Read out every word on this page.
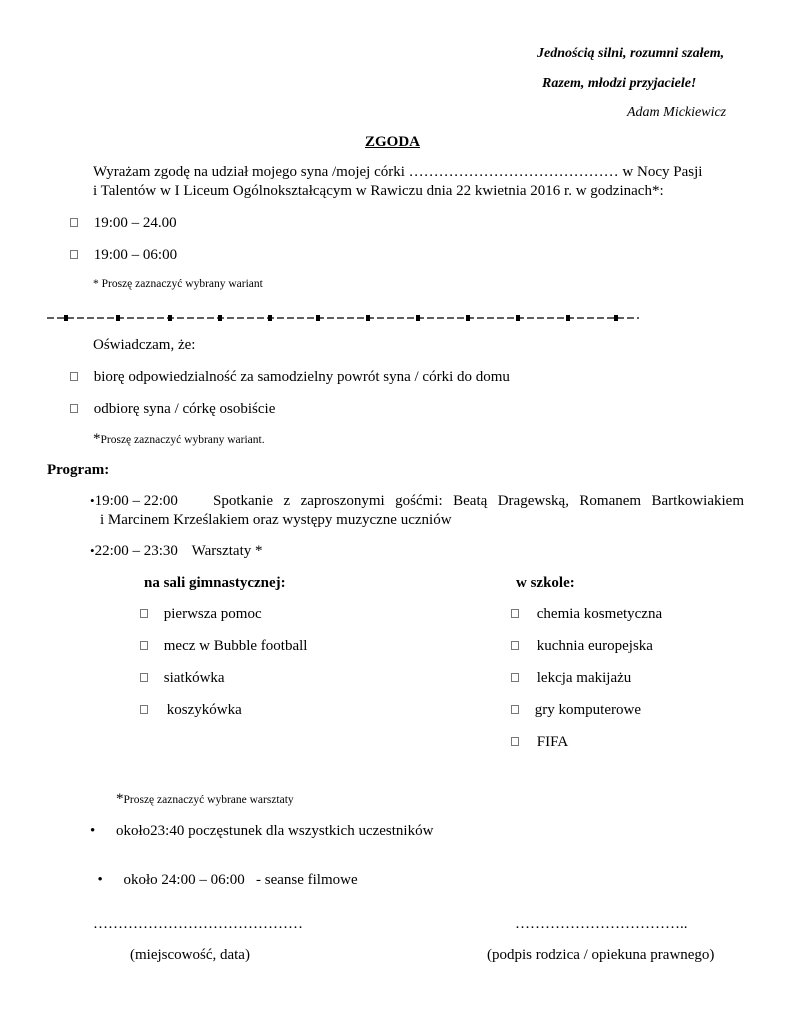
Jednością silni, rozumni szałem,
Razem, młodzi przyjaciele!
Adam Mickiewicz
ZGODA
Wyrażam zgodę na udział mojego syna /mojej córki …………………………………… w Nocy Pasji
i Talentów w I Liceum Ogólnokształcącym w Rawiczu dnia 22 kwietnia 2016 r. w godzinach*:
19:00 – 24.00
19:00 – 06:00
* Proszę zaznaczyć wybrany wariant
Oświadczam, że:
biorę odpowiedzialność za samodzielny powrót syna / córki do domu
odbiorę syna / córkę osobiście
*Proszę zaznaczyć wybrany wariant.
Program:
•19:00 – 22:00 Spotkanie z zaproszonymi gośćmi: Beatą Dragewską, Romanem Bartkowiakiem
i Marcinem Krześlakiem oraz występy muzyczne uczniów
•22:00 – 23:30 Warsztaty *
na sali gimnastycznej:
pierwsza pomoc
mecz w Bubble football
siatkówka
koszykówka
w szkole:
chemia kosmetyczna
kuchnia europejska
lekcja makijażu
gry komputerowe
FIFA
*Proszę zaznaczyć wybrane warsztaty
• około23:40 poczęstunek dla wszystkich uczestników

• około 24:00 – 06:00   - seanse filmowe

……………………………………
(miejscowość, data)
……………………………..
(podpis rodzica / opiekuna prawnego)
